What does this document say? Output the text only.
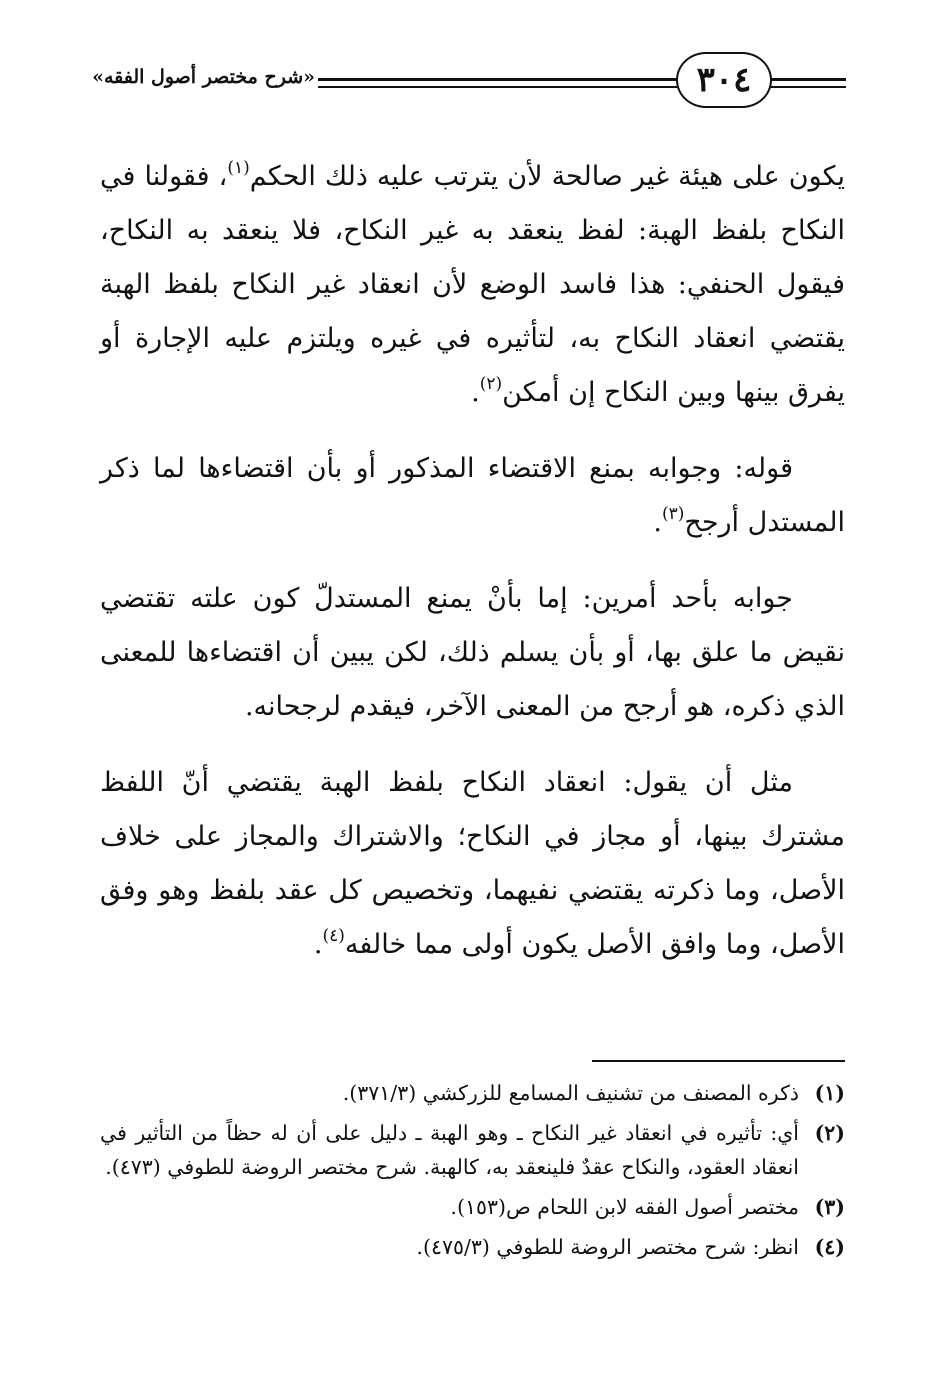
٣٠٤
«شرح مختصر أصول الفقه»

يكون على هيئة غير صالحة لأن يترتب عليه ذلك الحكم$^{(١)}$، فقولنا في النكاح بلفظ الهبة: لفظ ينعقد به غير النكاح، فلا ينعقد به النكاح، فيقول الحنفي: هذا فاسد الوضع لأن انعقاد غير النكاح بلفظ الهبة يقتضي انعقاد النكاح به، لتأثيره في غيره ويلتزم عليه الإجارة أو يفرق بينها وبين النكاح إن أمكن$^{(٢)}$.

قوله: وجوابه بمنع الاقتضاء المذكور أو بأن اقتضاءها لما ذكر المستدل أرجح$^{(٣)}$.

جوابه بأحد أمرين: إما بأنْ يمنع المستدلّ كون علته تقتضي نقيض ما علق بها، أو بأن يسلم ذلك، لكن يبين أن اقتضاءها للمعنى الذي ذكره، هو أرجح من المعنى الآخر، فيقدم لرجحانه.

مثل أن يقول: انعقاد النكاح بلفظ الهبة يقتضي أنّ اللفظ مشترك بينها، أو مجاز في النكاح؛ والاشتراك والمجاز على خلاف الأصل، وما ذكرته يقتضي نفيهما، وتخصيص كل عقد بلفظ وهو وفق الأصل، وما وافق الأصل يكون أولى مما خالفه$^{(٤)}$.

(١)
ذكره المصنف من تشنيف المسامع للزركشي (٣٧١/٣).

(٢)
أي: تأثيره في انعقاد غير النكاح ـ وهو الهبة ـ دليل على أن له حظاً من التأثير في انعقاد العقود، والنكاح عقدٌ فلينعقد به، كالهبة. شرح مختصر الروضة للطوفي (٤٧٣).

(٣)
مختصر أصول الفقه لابن اللحام ص(١٥٣).

(٤)
انظر: شرح مختصر الروضة للطوفي (٤٧٥/٣).
